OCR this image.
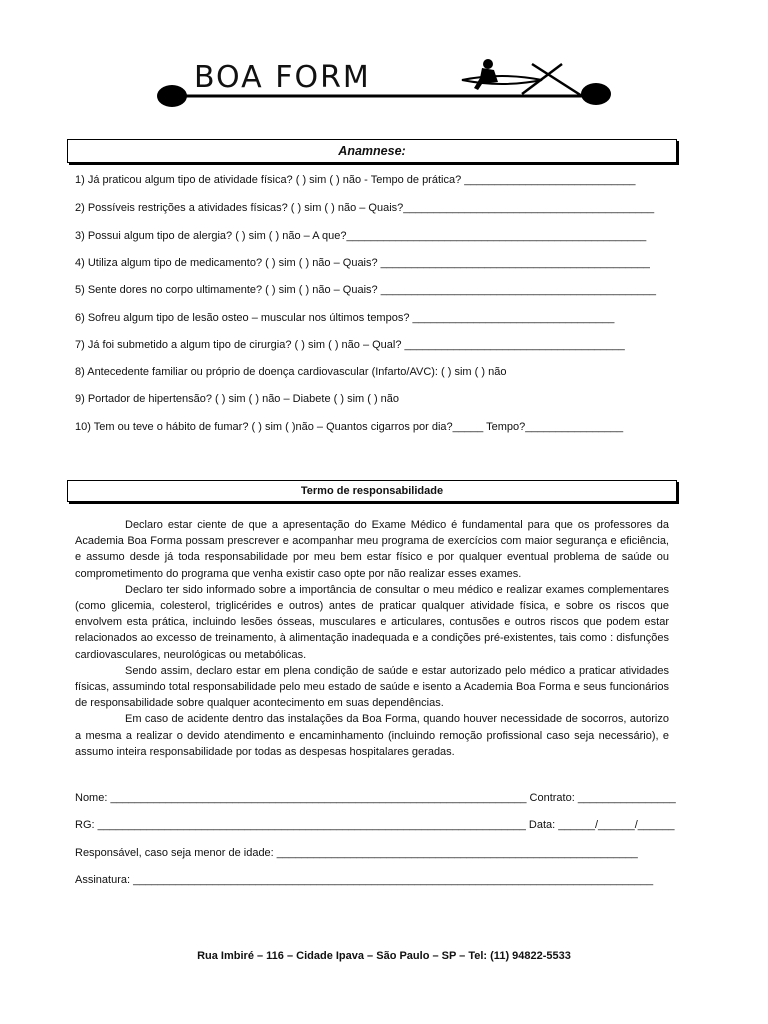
BOA FORM
Anamnese:
1) Já praticou algum tipo de atividade física? ( ) sim ( ) não - Tempo de prática? ____________________________
2) Possíveis restrições a atividades físicas? ( ) sim ( ) não – Quais?_________________________________________
3) Possui algum tipo de alergia? ( ) sim ( ) não – A que?_________________________________________________
4) Utiliza algum tipo de medicamento? ( ) sim ( ) não – Quais? ____________________________________________
5) Sente dores no corpo ultimamente? ( ) sim ( ) não – Quais? _____________________________________________
6) Sofreu algum tipo de lesão osteo – muscular nos últimos tempos? _________________________________
7) Já foi submetido a algum tipo de cirurgia? ( ) sim ( ) não – Qual? ____________________________________
8) Antecedente familiar ou próprio de doença cardiovascular (Infarto/AVC): ( ) sim ( ) não
9) Portador de hipertensão? ( ) sim ( ) não – Diabete ( ) sim ( ) não
10) Tem ou teve o hábito de fumar? ( ) sim ( )não – Quantos cigarros por dia?_____ Tempo?________________
Termo de responsabilidade

Declaro estar ciente de que a apresentação do Exame Médico é fundamental para que os professores da Academia Boa Forma possam prescrever e acompanhar meu programa de exercícios com maior segurança e eficiência, e assumo desde já toda responsabilidade por meu bem estar físico e por qualquer eventual problema de saúde ou comprometimento do programa que venha existir caso opte por não realizar esses exames.

Declaro ter sido informado sobre a importância de consultar o meu médico e realizar exames complementares (como glicemia, colesterol, triglicérides e outros) antes de praticar qualquer atividade física, e sobre os riscos que envolvem esta prática, incluindo lesões ósseas, musculares e articulares, contusões e outros riscos que podem estar relacionados ao excesso de treinamento, à alimentação inadequada e a condições pré-existentes, tais como : disfunções cardiovasculares, neurológicas ou metabólicas.

Sendo assim, declaro estar em plena condição de saúde e estar autorizado pelo médico a praticar atividades físicas, assumindo total responsabilidade pelo meu estado de saúde e isento a Academia Boa Forma e seus funcionários de responsabilidade sobre qualquer acontecimento em suas dependências.

Em caso de acidente dentro das instalações da Boa Forma, quando houver necessidade de socorros, autorizo a mesma a realizar o devido atendimento e encaminhamento (incluindo remoção profissional caso seja necessário), e assumo inteira responsabilidade por todas as despesas hospitalares geradas.

Nome: ____________________________________________________________________ Contrato: ________________
RG: ______________________________________________________________________ Data: ______/______/______
Responsável, caso seja menor de idade: ___________________________________________________________
Assinatura: _____________________________________________________________________________________
Rua Imbiré – 116 – Cidade Ipava – São Paulo – SP – Tel: (11) 94822-5533
